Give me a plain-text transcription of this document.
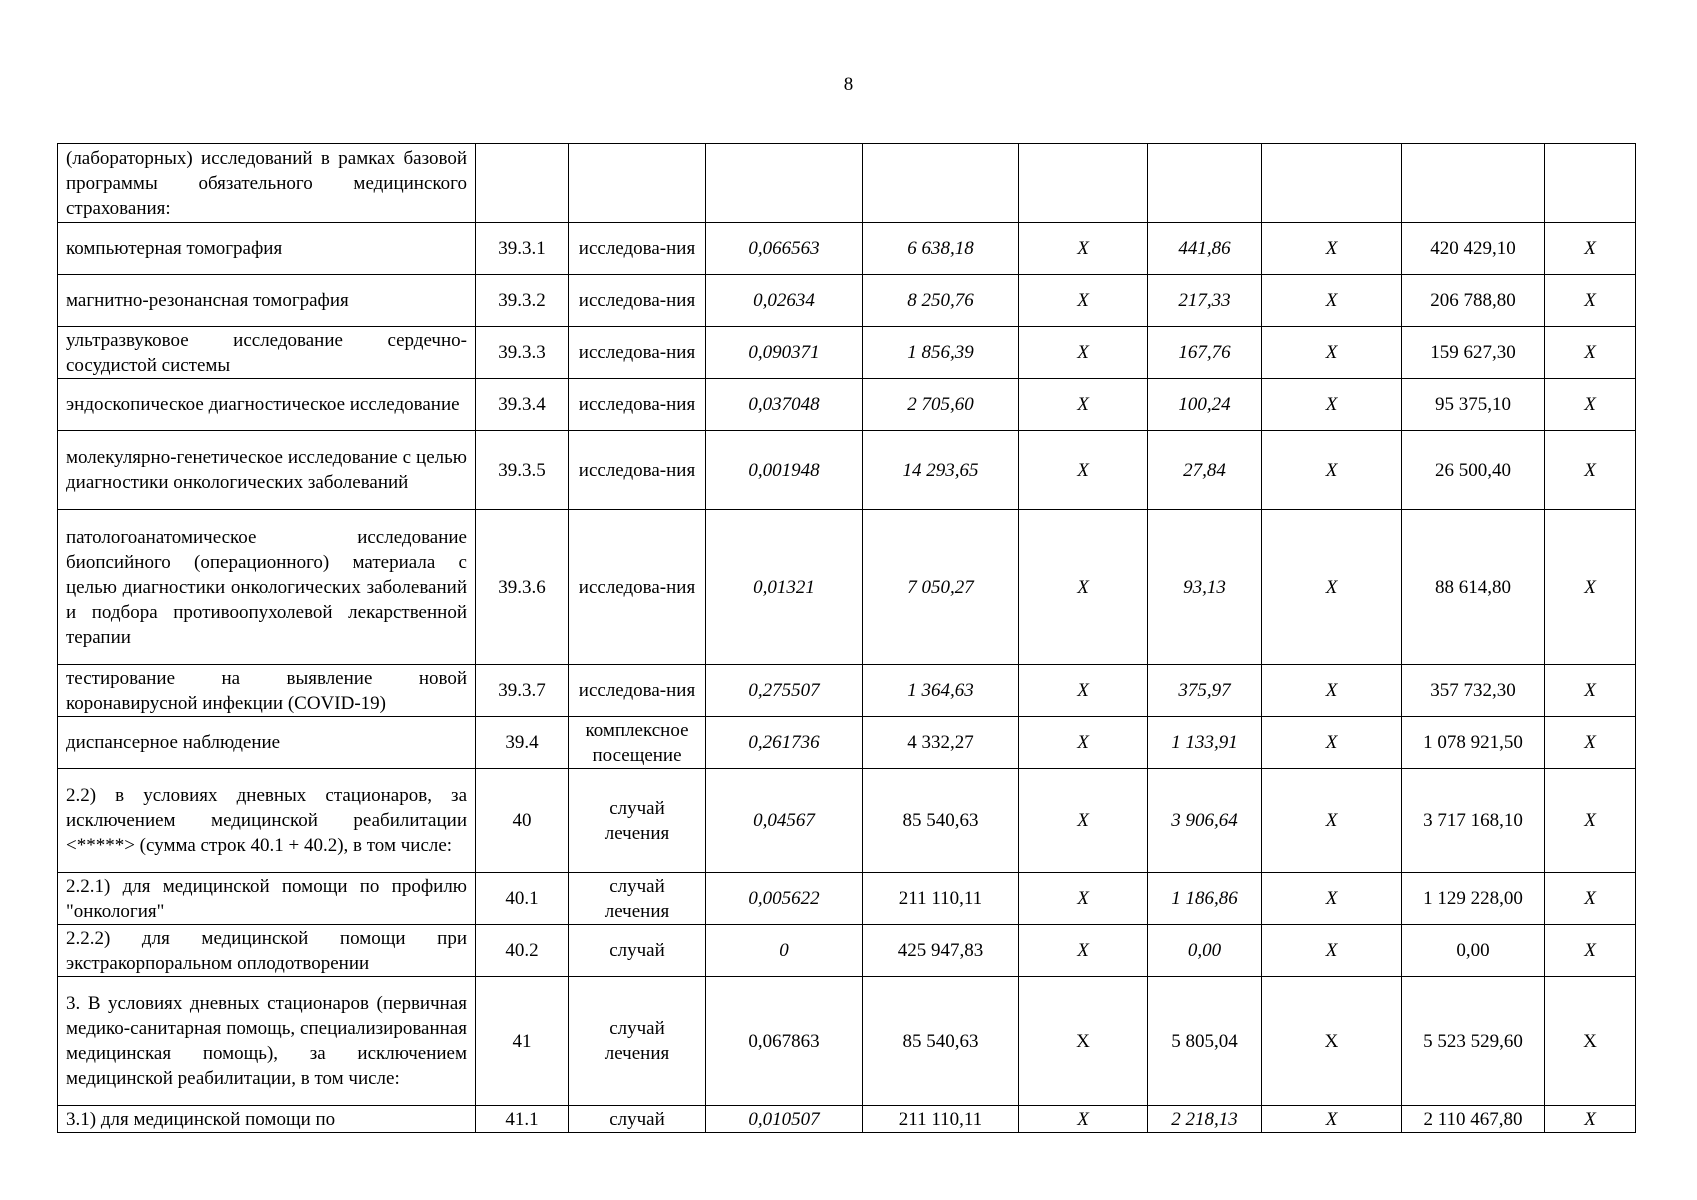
8
(лабораторных) исследований в рамках базовой программы обязательного медицинского страхования:									
компьютерная томография	39.3.1	исследова-ния	0,066563	6 638,18	X	441,86	X	420 429,10	X
магнитно-резонансная томография	39.3.2	исследова-ния	0,02634	8 250,76	X	217,33	X	206 788,80	X
ультразвуковое исследование сердечно-сосудистой системы	39.3.3	исследова-ния	0,090371	1 856,39	X	167,76	X	159 627,30	X
эндоскопическое диагностическое исследование	39.3.4	исследова-ния	0,037048	2 705,60	X	100,24	X	95 375,10	X
молекулярно-генетическое исследование с целью диагностики онкологических заболеваний	39.3.5	исследова-ния	0,001948	14 293,65	X	27,84	X	26 500,40	X
патологоанатомическое исследование биопсийного (операционного) материала с целью диагностики онкологических заболеваний и подбора противоопухолевой лекарственной терапии	39.3.6	исследова-ния	0,01321	7 050,27	X	93,13	X	88 614,80	X
тестирование на выявление новой коронавирусной инфекции (COVID-19)	39.3.7	исследова-ния	0,275507	1 364,63	X	375,97	X	357 732,30	X
диспансерное наблюдение	39.4	комплексное посещение	0,261736	4 332,27	X	1 133,91	X	1 078 921,50	X
2.2) в условиях дневных стационаров, за исключением медицинской реабилитации <*****> (сумма строк 40.1 + 40.2), в том числе:	40	случай лечения	0,04567	85 540,63	X	3 906,64	X	3 717 168,10	X
2.2.1) для медицинской помощи по профилю "онкология"	40.1	случай лечения	0,005622	211 110,11	X	1 186,86	X	1 129 228,00	X
2.2.2) для медицинской помощи при экстракорпоральном оплодотворении	40.2	случай	0	425 947,83	X	0,00	X	0,00	X
3. В условиях дневных стационаров (первичная медико-санитарная помощь, специализированная медицинская помощь), за исключением медицинской реабилитации, в том числе:	41	случай лечения	0,067863	85 540,63	X	5 805,04	X	5 523 529,60	X
3.1) для медицинской помощи по	41.1	случай	0,010507	211 110,11	X	2 218,13	X	2 110 467,80	X
